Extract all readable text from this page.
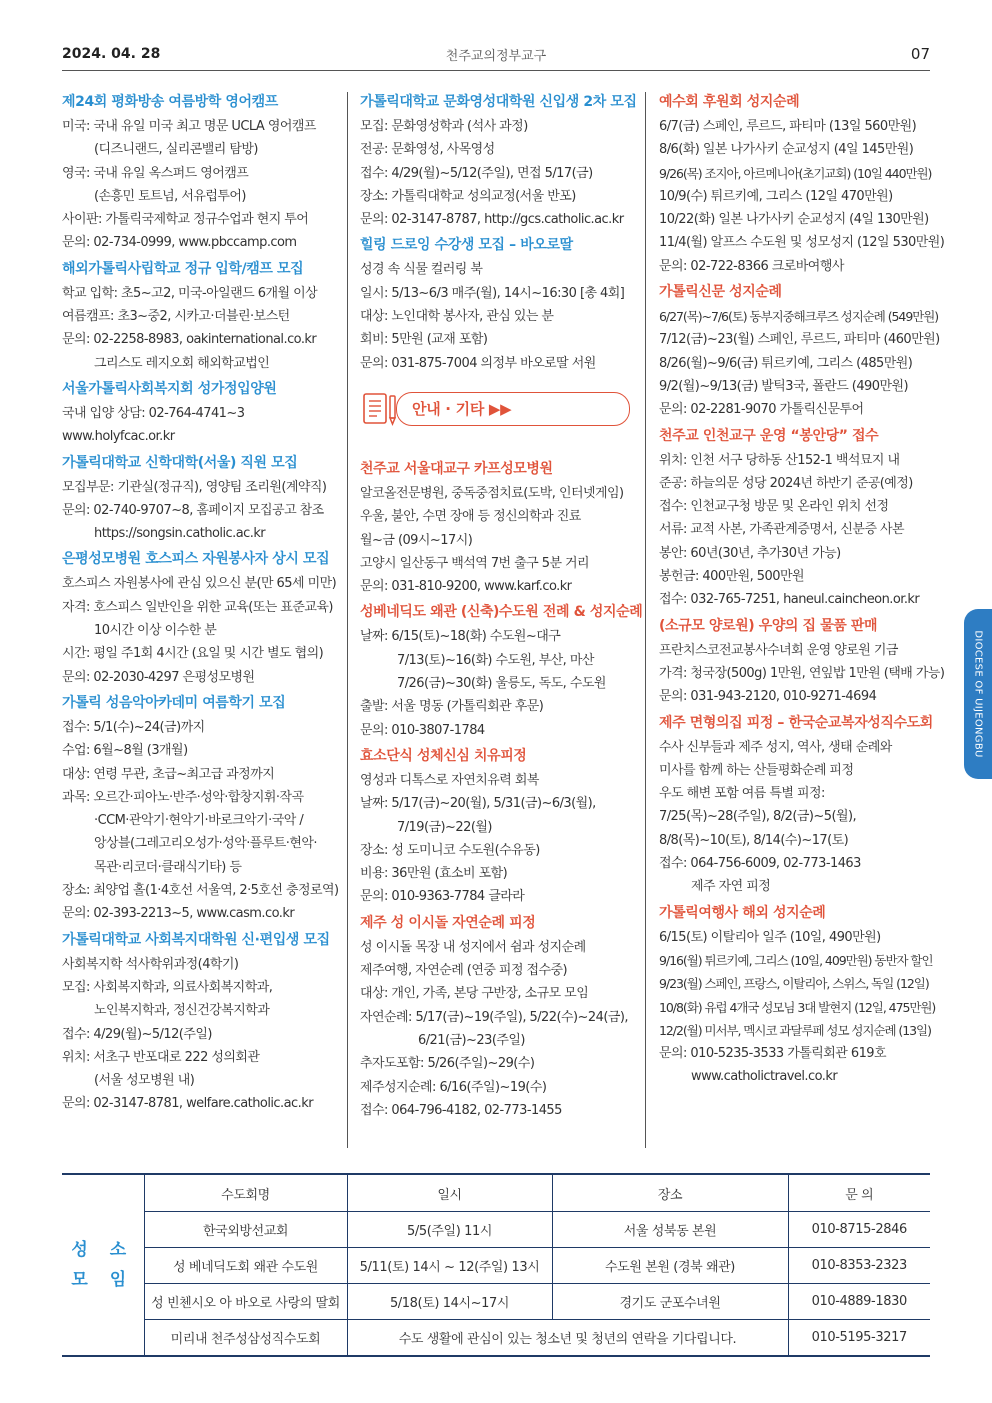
2024. 04. 28	천주교의정부교구	07
제24회 평화방송 여름방학 영어캠프
미국: 국내 유일 미국 최고 명문 UCLA 영어캠프
(디즈니랜드, 실리콘밸리 탐방)
영국: 국내 유일 옥스퍼드 영어캠프
(손흥민 토트넘, 서유럽투어)
사이판: 가톨릭국제학교 정규수업과 현지 투어
문의: 02-734-0999, www.pbccamp.com
해외가톨릭사립학교 정규 입학/캠프 모집
학교 입학: 초5~고2, 미국-아일랜드 6개월 이상
여름캠프: 초3~중2, 시카고·더블린·보스턴
문의: 02-2258-8983, oakinternational.co.kr
그리스도 레지오회 해외학교법인
서울가톨릭사회복지회 성가정입양원
국내 입양 상담: 02-764-4741~3
www.holyfcac.or.kr
가톨릭대학교 신학대학(서울) 직원 모집
모집부문: 기관실(정규직), 영양팀 조리원(계약직)
문의: 02-740-9707~8, 홈페이지 모집공고 참조
https://songsin.catholic.ac.kr
은평성모병원 호스피스 자원봉사자 상시 모집
호스피스 자원봉사에 관심 있으신 분(만 65세 미만)
자격: 호스피스 일반인을 위한 교육(또는 표준교육)
10시간 이상 이수한 분
시간: 평일 주1회 4시간 (요일 및 시간 별도 협의)
문의: 02-2030-4297 은평성모병원
가톨릭 성음악아카데미 여름학기 모집
접수: 5/1(수)~24(금)까지
수업: 6월~8월 (3개월)
대상: 연령 무관, 초급~최고급 과정까지
과목: 오르간·피아노·반주·성악·합창지휘·작곡
·CCM·관악기·현악기·바로크악기·국악 /
앙상블(그레고리오성가·성악·플루트·현악·
목관·리코더·클래식기타) 등
장소: 최양업 홀(1·4호선 서울역, 2·5호선 충정로역)
문의: 02-393-2213~5, www.casm.co.kr
가톨릭대학교 사회복지대학원 신·편입생 모집
사회복지학 석사학위과정(4학기)
모집: 사회복지학과, 의료사회복지학과,
노인복지학과, 정신건강복지학과
접수: 4/29(월)~5/12(주일)
위치: 서초구 반포대로 222 성의회관
(서울 성모병원 내)
문의: 02-3147-8781, welfare.catholic.ac.kr
가톨릭대학교 문화영성대학원 신입생 2차 모집
모집: 문화영성학과 (석사 과정)
전공: 문화영성, 사목영성
접수: 4/29(월)~5/12(주일), 면접 5/17(금)
장소: 가톨릭대학교 성의교정(서울 반포)
문의: 02-3147-8787, http://gcs.catholic.ac.kr
힐링 드로잉 수강생 모집 – 바오로딸
성경 속 식물 컬러링 북
일시: 5/13~6/3 매주(월), 14시~16:30 [총 4회]
대상: 노인대학 봉사자, 관심 있는 분
회비: 5만원 (교재 포함)
문의: 031-875-7004 의정부 바오로딸 서원
안내 · 기타 ▶▶
천주교 서울대교구 카프성모병원
알코올전문병원, 중독중점치료(도박, 인터넷게임)
우울, 불안, 수면 장애 등 정신의학과 진료
월~금 (09시~17시)
고양시 일산동구 백석역 7번 출구 5분 거리
문의: 031-810-9200, www.karf.co.kr
성베네딕도 왜관 (신축)수도원 전례 & 성지순례
날짜: 6/15(토)~18(화) 수도원~대구
7/13(토)~16(화) 수도원, 부산, 마산
7/26(금)~30(화) 울릉도, 독도, 수도원
출발: 서울 명동 (가톨릭회관 후문)
문의: 010-3807-1784
효소단식 성체신심 치유피정
영성과 디톡스로 자연치유력 회복
날짜: 5/17(금)~20(월), 5/31(금)~6/3(월),
7/19(금)~22(월)
장소: 성 도미니코 수도원(수유동)
비용: 36만원 (효소비 포함)
문의: 010-9363-7784 글라라
제주 성 이시돌 자연순례 피정
성 이시돌 목장 내 성지에서 쉼과 성지순례
제주여행, 자연순례 (연중 피정 접수중)
대상: 개인, 가족, 본당 구반장, 소규모 모임
자연순례: 5/17(금)~19(주일), 5/22(수)~24(금),
6/21(금)~23(주일)
추자도포함: 5/26(주일)~29(수)
제주성지순례: 6/16(주일)~19(수)
접수: 064-796-4182, 02-773-1455
예수회 후원회 성지순례
6/7(금) 스페인, 루르드, 파티마 (13일 560만원)
8/6(화) 일본 나가사키 순교성지 (4일 145만원)
9/26(목) 조지아, 아르메니아(초기교회) (10일 440만원)
10/9(수) 튀르키예, 그리스 (12일 470만원)
10/22(화) 일본 나가사키 순교성지 (4일 130만원)
11/4(월) 알프스 수도원 및 성모성지 (12일 530만원)
문의: 02-722-8366 크로바여행사
가톨릭신문 성지순례
6/27(목)~7/6(토) 동부지중해크루즈 성지순례 (549만원)
7/12(금)~23(월) 스페인, 루르드, 파티마 (460만원)
8/26(월)~9/6(금) 튀르키예, 그리스 (485만원)
9/2(월)~9/13(금) 발틱3국, 폴란드 (490만원)
문의: 02-2281-9070 가톨릭신문투어
천주교 인천교구 운영 “봉안당” 접수
위치: 인천 서구 당하동 산152-1 백석묘지 내
준공: 하늘의문 성당 2024년 하반기 준공(예정)
접수: 인천교구청 방문 및 온라인 위치 선정
서류: 교적 사본, 가족관계증명서, 신분증 사본
봉안: 60년(30년, 추가30년 가능)
봉헌금: 400만원, 500만원
접수: 032-765-7251, haneul.caincheon.or.kr
(소규모 양로원) 우양의 집 물품 판매
프란치스코전교봉사수녀회 운영 양로원 기금
가격: 청국장(500g) 1만원, 연잎밥 1만원 (택배 가능)
문의: 031-943-2120, 010-9271-4694
제주 면형의집 피정 – 한국순교복자성직수도회
수사 신부들과 제주 성지, 역사, 생태 순례와
미사를 함께 하는 산들평화순례 피정
우도 해변 포함 여름 특별 피정:
7/25(목)~28(주일), 8/2(금)~5(월),
8/8(목)~10(토), 8/14(수)~17(토)
접수: 064-756-6009, 02-773-1463
제주 자연 피정
가톨릭여행사 해외 성지순례
6/15(토) 이탈리아 일주 (10일, 490만원)
9/16(월) 튀르키예, 그리스 (10일, 409만원) 동반자 할인
9/23(월) 스페인, 프랑스, 이탈리아, 스위스, 독일 (12일)
10/8(화) 유럽 4개국 성모님 3대 발현지 (12일, 475만원)
12/2(월) 미서부, 멕시코 과달루페 성모 성지순례 (13일)
문의: 010-5235-3533 가톨릭회관 619호
www.catholictravel.co.kr
DIOCESE OF UIJEONGBU
성 소
모 임	수도회명	일시	장소	문 의
	한국외방선교회	5/5(주일) 11시	서울 성북동 본원	010-8715-2846
	성 베네딕도회 왜관 수도원	5/11(토) 14시 ~ 12(주일) 13시	수도원 본원 (경북 왜관)	010-8353-2323
	성 빈첸시오 아 바오로 사랑의 딸회	5/18(토) 14시~17시	경기도 군포수녀원	010-4889-1830
	미리내 천주성삼성직수도회	수도 생활에 관심이 있는 청소년 및 청년의 연락을 기다립니다.		010-5195-3217
